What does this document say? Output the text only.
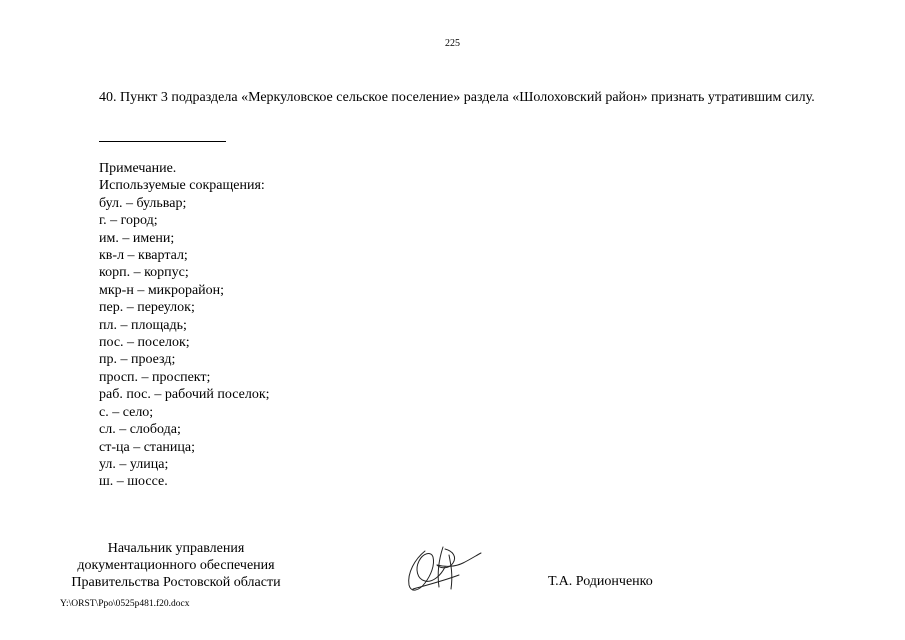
225
40. Пункт 3 подраздела «Меркуловское сельское поселение» раздела «Шолоховский район» признать утратившим силу.
Примечание.
Используемые сокращения:
бул. – бульвар;
г. – город;
им. – имени;
кв-л – квартал;
корп. – корпус;
мкр-н – микрорайон;
пер. – переулок;
пл. – площадь;
пос. – поселок;
пр. – проезд;
просп. – проспект;
раб. пос. – рабочий поселок;
с. – село;
сл. – слобода;
ст-ца – станица;
ул. – улица;
ш. – шоссе.
Начальник управления
документационного обеспечения
Правительства Ростовской области	Т.А. Родионченко
Y:\ORST\Ppo\0525p481.f20.docx
